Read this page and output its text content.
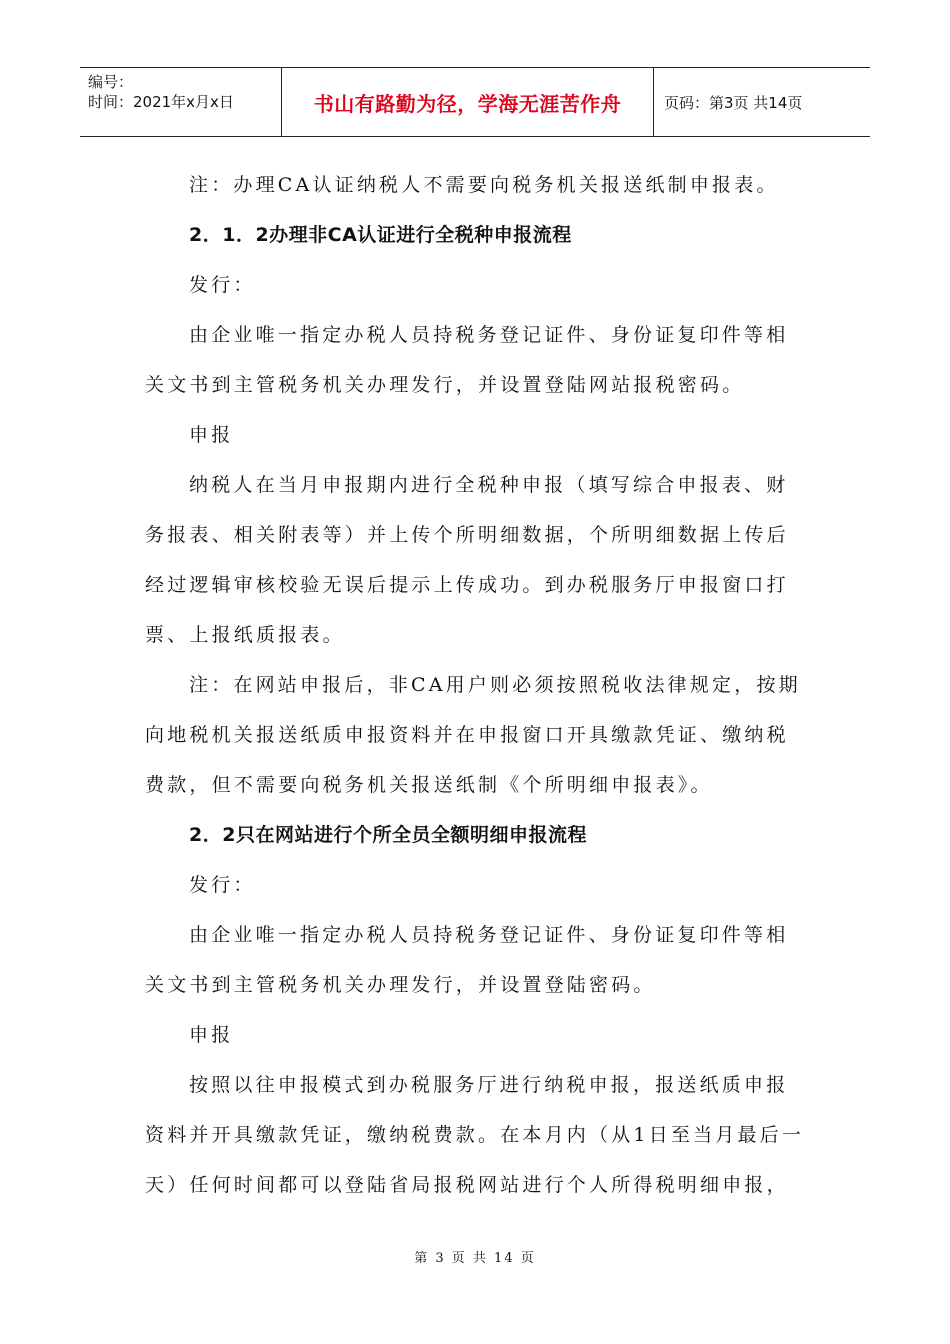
编号：
时间：2021年x月x日	书山有路勤为径，学海无涯苦作舟	页码：第3页 共14页

注：办理CA认证纳税人不需要向税务机关报送纸制申报表。

2．1．2办理非CA认证进行全税种申报流程

发行：

由企业唯一指定办税人员持税务登记证件、身份证复印件等相关文书到主管税务机关办理发行，并设置登陆网站报税密码。

申报

纳税人在当月申报期内进行全税种申报（填写综合申报表、财务报表、相关附表等）并上传个所明细数据，个所明细数据上传后经过逻辑审核校验无误后提示上传成功。到办税服务厅申报窗口打票、上报纸质报表。

注：在网站申报后，非CA用户则必须按照税收法律规定，按期向地税机关报送纸质申报资料并在申报窗口开具缴款凭证、缴纳税费款，但不需要向税务机关报送纸制《个所明细申报表》。

2．2只在网站进行个所全员全额明细申报流程

发行：

由企业唯一指定办税人员持税务登记证件、身份证复印件等相关文书到主管税务机关办理发行，并设置登陆密码。

申报

按照以往申报模式到办税服务厅进行纳税申报，报送纸质申报资料并开具缴款凭证，缴纳税费款。在本月内（从1日至当月最后一天）任何时间都可以登陆省局报税网站进行个人所得税明细申报，

第 3 页 共 14 页
